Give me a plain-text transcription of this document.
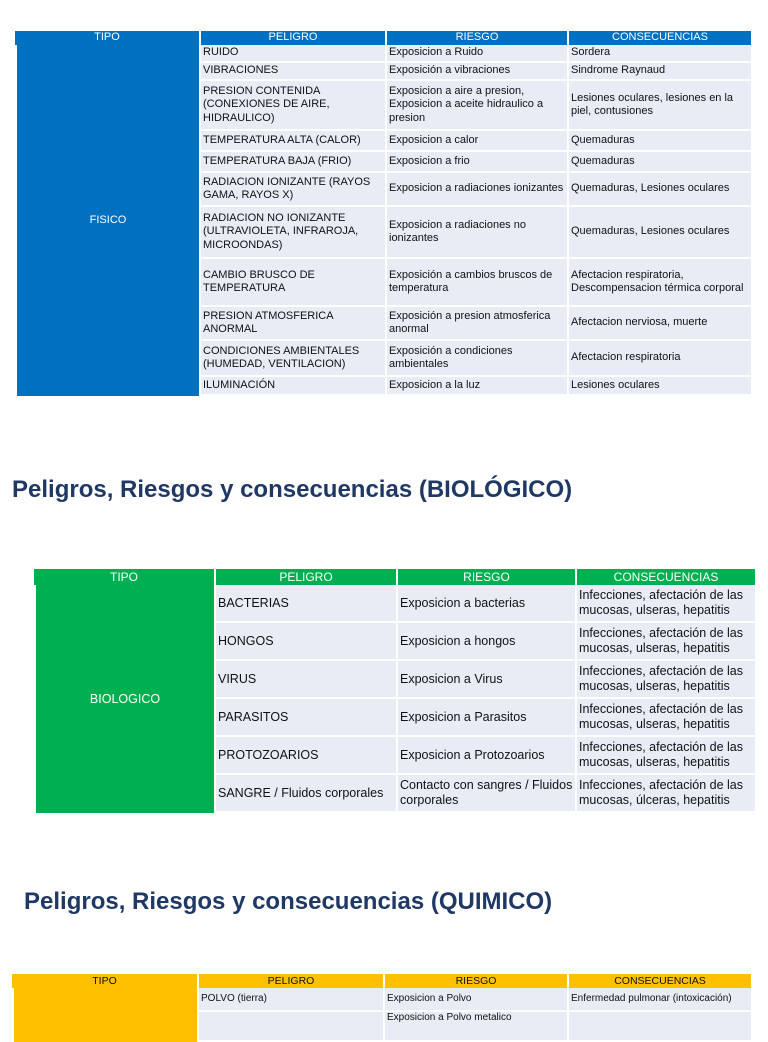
TIPO	PELIGRO	RIESGO	CONSECUENCIAS
FISICO	RUIDO	Exposicion a Ruido	Sordera
	VIBRACIONES	Exposición a vibraciones	Sindrome Raynaud
	PRESION CONTENIDA (CONEXIONES DE AIRE, HIDRAULICO)	Exposicion a aire a presion, Exposicion a aceite hidraulico a presion	Lesiones oculares, lesiones en la piel, contusiones
	TEMPERATURA ALTA (CALOR)	Exposicion a calor	Quemaduras
	TEMPERATURA BAJA (FRIO)	Exposicion a frio	Quemaduras
	RADIACION IONIZANTE (RAYOS GAMA, RAYOS X)	Exposicion a radiaciones ionizantes	Quemaduras, Lesiones oculares
	RADIACION NO IONIZANTE (ULTRAVIOLETA, INFRAROJA, MICROONDAS)	Exposicion a radiaciones no ionizantes	Quemaduras, Lesiones oculares
	CAMBIO BRUSCO DE TEMPERATURA	Exposición a cambios bruscos de temperatura	Afectacion respiratoria, Descompensacion térmica corporal
	PRESION ATMOSFERICA ANORMAL	Exposición a presion atmosferica anormal	Afectacion nerviosa, muerte
	CONDICIONES AMBIENTALES (HUMEDAD, VENTILACION)	Exposición a condiciones ambientales	Afectacion respiratoria
	ILUMINACIÓN	Exposicion a la luz	Lesiones oculares
Peligros, Riesgos y consecuencias (BIOLÓGICO)
TIPO	PELIGRO	RIESGO	CONSECUENCIAS
BIOLOGICO	BACTERIAS	Exposicion a bacterias	Infecciones, afectación de las mucosas, ulseras, hepatitis
	HONGOS	Exposicion a hongos	Infecciones, afectación de las mucosas, ulseras, hepatitis
	VIRUS	Exposicion a Virus	Infecciones, afectación de las mucosas, ulseras, hepatitis
	PARASITOS	Exposicion a Parasitos	Infecciones, afectación de las mucosas, ulseras, hepatitis
	PROTOZOARIOS	Exposicion a Protozoarios	Infecciones, afectación de las mucosas, ulseras, hepatitis
	SANGRE / Fluidos corporales	Contacto con sangres / Fluidos corporales	Infecciones, afectación de las mucosas, úlceras, hepatitis
Peligros, Riesgos y consecuencias (QUIMICO)
TIPO	PELIGRO	RIESGO	CONSECUENCIAS
	POLVO (tierra)	Exposicion a Polvo	Enfermedad pulmonar (intoxicación)
		Exposicion a Polvo metalico	
